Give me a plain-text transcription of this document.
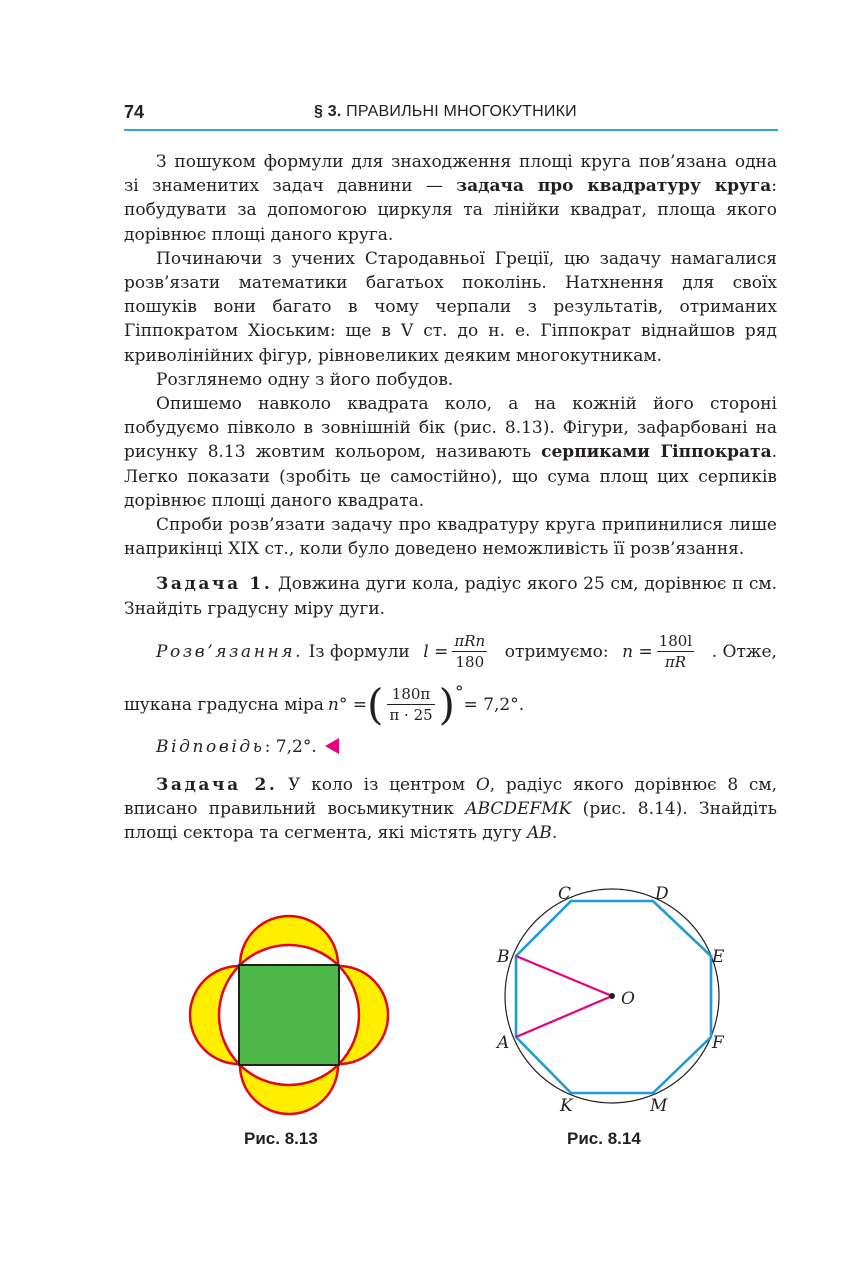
74	§ 3. ПРАВИЛЬНІ МНОГОКУТНИКИ

З пошуком формули для знаходження площі круга пов’язана одна зі знаменитих задач давнини — задача про квадратуру круга: побудувати за допомогою циркуля та лінійки квадрат, площа якого дорівнює площі даного круга.

Починаючи з учених Стародавньої Греції, цю задачу намагалися розв’язати математики багатьох поколінь. Натхнення для своїх пошуків вони багато в чому черпали з результатів, отриманих Гіппократом Хіоським: ще в V ст. до н. е. Гіппократ віднайшов ряд криволінійних фігур, рівновеликих деяким многокутникам.

Розглянемо одну з його побудов.

Опишемо навколо квадрата коло, а на кожній його стороні побудуємо півколо в зовнішній бік (рис. 8.13). Фігури, зафарбовані на рисунку 8.13 жовтим кольором, називають серпиками Гіппократа. Легко показати (зробіть це самостійно), що сума площ цих серпиків дорівнює площі даного квадрата.

Спроби розв’язати задачу про квадратуру круга припинилися лише наприкінці XIX ст., коли було доведено неможливість її розв’язання.

Задача 1. Довжина дуги кола, радіус якого 25 см, дорівнює π см. Знайдіть градусну міру дуги.

Розв’язання. Із формули $l = \frac{\text{πRn}}{180}$ отримуємо: $n = \frac{180l}{\pi R}$ . Отже,

шукана градусна міра n° = ( $\frac{180\pi}{\pi \cdot 25}$ ) °
= 7,2°.

Відповідь: 7,2°.

Задача 2. У коло із центром O, радіус якого дорівнює 8 см, вписано правильний восьмикутник ABCDEFMK (рис. 8.14). Знайдіть площі сектора та сегмента, які містять дугу AB.

Рис. 8.13
C	D
B	E
O
A	F
K	M
Рис. 8.14
